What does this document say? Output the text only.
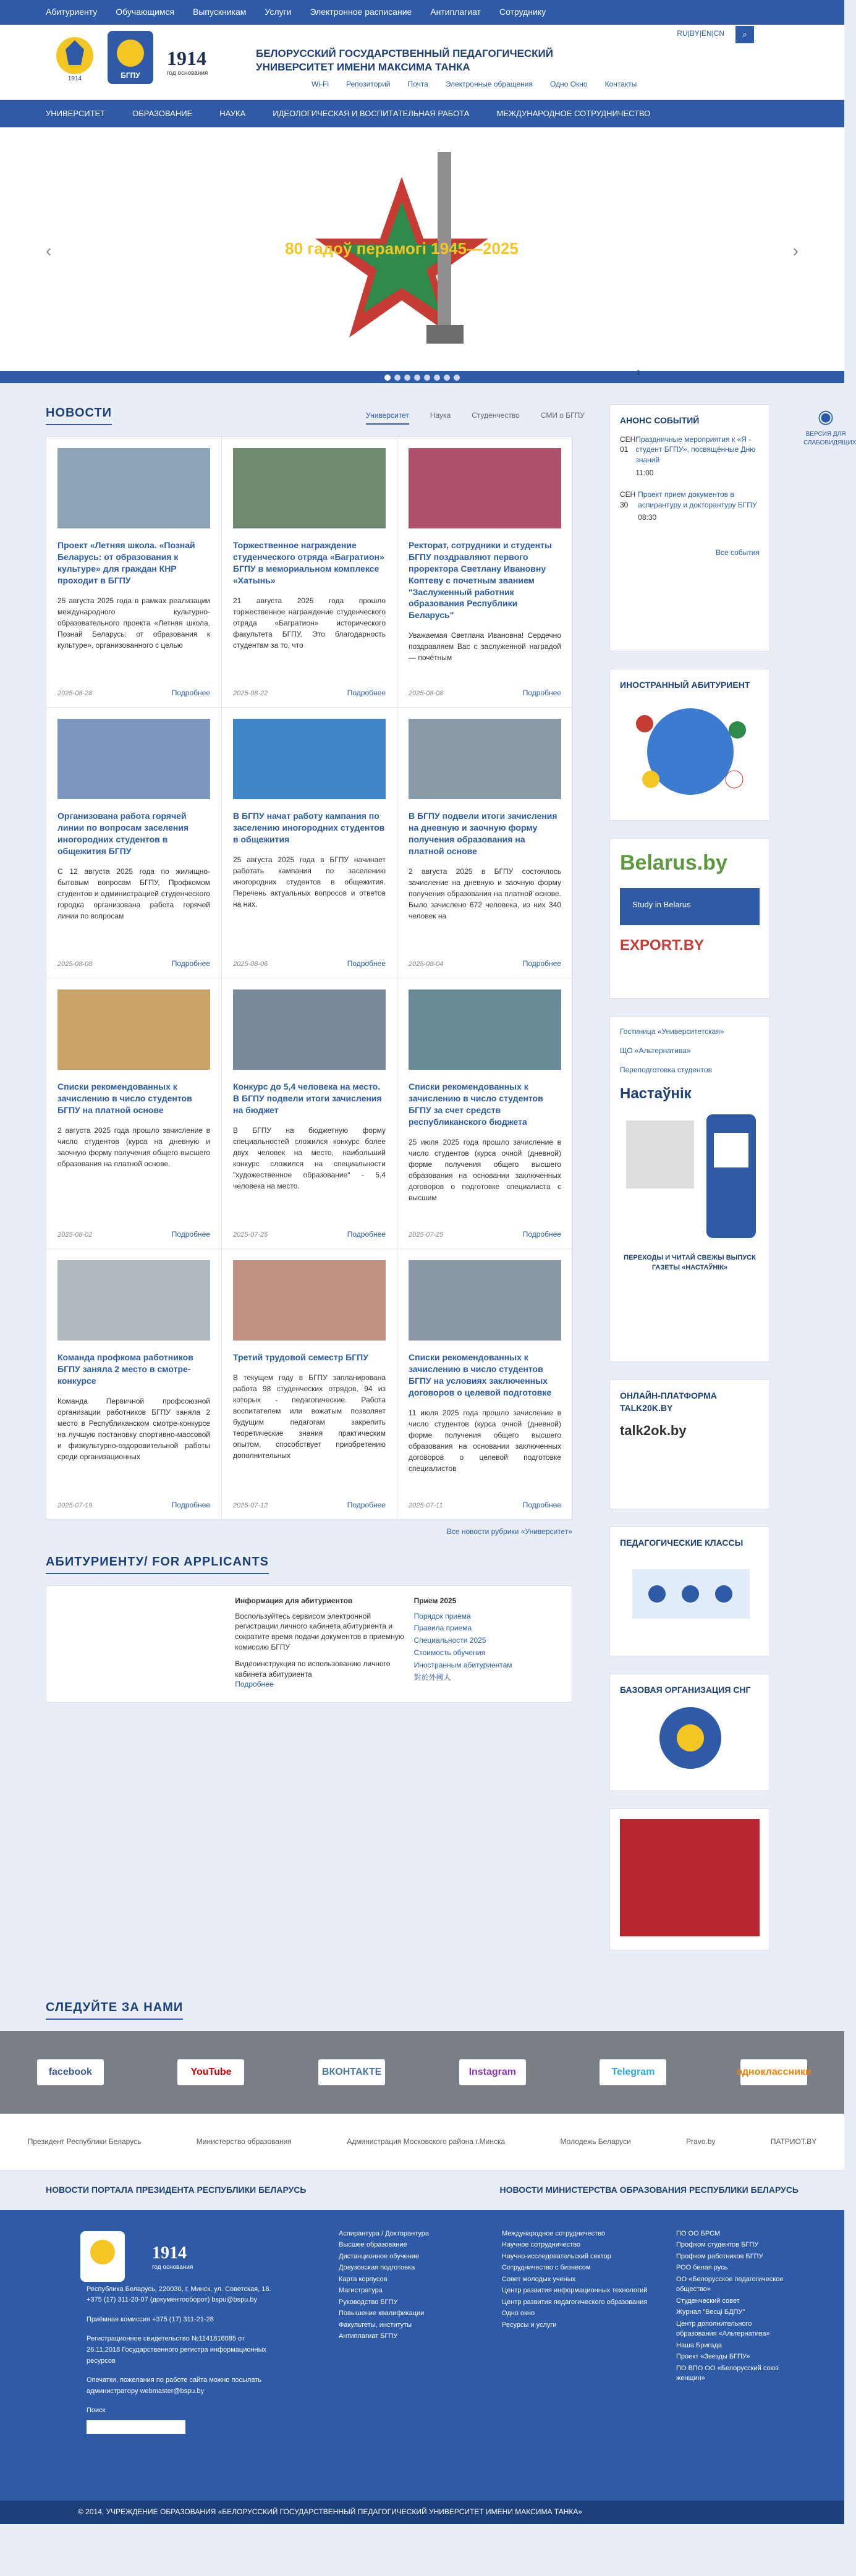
Абитуриенту Обучающимся Выпускникам Услуги Электронное расписание Антиплагиат Сотруднику
1914	БГПУ
1914
год основания
БЕЛОРУССКИЙ ГОСУДАРСТВЕННЫЙ ПЕДАГОГИЧЕСКИЙ УНИВЕРСИТЕТ ИМЕНИ МАКСИМА ТАНКА
RU|BY|EN|CN	⌕
Wi-Fi Репозиторий Почта Электронные обращения Одно Окно Контакты
УНИВЕРСИТЕТ	ОБРАЗОВАНИЕ	НАУКА	ИДЕОЛОГИЧЕСКАЯ И ВОСПИТАТЕЛЬНАЯ РАБОТА	МЕЖДУНАРОДНОЕ СОТРУДНИЧЕСТВО
‹	›
80 гадоў перамогі 1945—2025
1
НОВОСТИ	Университет	Наука	Студенчество	СМИ о БГПУ
Проект «Летняя школа. «Познай Беларусь: от образования к культуре» для граждан КНР проходит в БГПУ

25 августа 2025 года в рамках реализации международного культурно-образовательного проекта «Летняя школа. Познай Беларусь: от образования к культуре», организованного с целью

2025-08-28	Подробнее
Торжественное награждение студенческого отряда «Багратион» БГПУ в мемориальном комплексе «Хатынь»

21 августа 2025 года прошло торжественное награждение студенческого отряда «Багратион» исторического факультета БГПУ. Это благодарность студентам за то, что

2025-08-22	Подробнее
Ректорат, сотрудники и студенты БГПУ поздравляют первого проректора Светлану Ивановну Коптеву с почетным званием "Заслуженный работник образования Республики Беларусь"

Уважаемая Светлана Ивановна! Сердечно поздравляем Вас с заслуженной наградой — почётным

2025-08-08	Подробнее
Организована работа горячей линии по вопросам заселения иногородних студентов в общежития БГПУ

С 12 августа 2025 года по жилищно-бытовым вопросам БГПУ, Профкомом студентов и администрацией студенческого городка организована работа горячей линии по вопросам

2025-08-08	Подробнее
В БГПУ начат работу кампания по заселению иногородних студентов в общежития

25 августа 2025 года в БГПУ начинает работать кампания по заселению иногородних студентов в общежития. Перечень актуальных вопросов и ответов на них.

2025-08-06	Подробнее
В БГПУ подвели итоги зачисления на дневную и заочную форму получения образования на платной основе

2 августа 2025 в БГПУ состоялось зачисление на дневную и заочную форму получения образования на платной основе. Было зачислено 672 человека, из них 340 человек на

2025-08-04	Подробнее
Списки рекомендованных к зачислению в число студентов БГПУ на платной основе

2 августа 2025 года прошло зачисление в число студентов (курса на дневную и заочную форму получения общего высшего образования на платной основе.

2025-08-02	Подробнее
Конкурс до 5,4 человека на место. В БГПУ подвели итоги зачисления на бюджет

В БГПУ на бюджетную форму специальностей сложился конкурс более двух человек на место, наибольший конкурс сложился на специальности "художественное образование" - 5,4 человека на место.

2025-07-25	Подробнее
Списки рекомендованных к зачислению в число студентов БГПУ за счет средств республиканского бюджета

25 июля 2025 года прошло зачисление в число студентов (курса очной (дневной) форме получения общего высшего образования на основании заключенных договоров о подготовке специалиста с высшим

2025-07-25	Подробнее
Команда профкома работников БГПУ заняла 2 место в смотре-конкурсе

Команда Первичной профсоюзной организации работников БГПУ заняла 2 место в Республиканском смотре-конкурсе на лучшую постановку спортивно-массовой и физкультурно-оздоровительной работы среди организационных

2025-07-19	Подробнее
Третий трудовой семестр БГПУ

В текущем году в БГПУ запланирована работа 98 студенческих отрядов, 94 из которых - педагогические. Работа воспитателем или вожатым позволяет будущим педагогам закрепить теоретические знания практическим опытом, способствует приобретению дополнительных

2025-07-12	Подробнее
Списки рекомендованных к зачислению в число студентов БГПУ на условиях заключенных договоров о целевой подготовке

11 июля 2025 года прошло зачисление в число студентов (курса очной (дневной) форме получения общего высшего образования на основании заключенных договоров о целевой подготовке специалистов

2025-07-11	Подробнее
Все новости рубрики «Университет»
АБИТУРИЕНТУ/ FOR APPLICANTS
Информация для абитуриентов

Воспользуйтесь сервисом электронной регистрации личного кабинета абитуриента и сократите время подачи документов в приемную комиссию БГПУ

Видеоинструкция по использованию личного кабинета абитуриента

Подробнее
Прием 2025
Порядок приема
Правила приема
Специальности 2025
Стоимость обучения
Иностранным абитуриентам
對於外國人
АНОНС СОБЫТИЙ
СЕН 01
Праздничные мероприятия к «Я - студент БГПУ», посвящённые Дню знаний
11:00
СЕН 30
Проект прием документов в аспирантуру и докторантуру БГПУ
08:30
Все события
ИНОСТРАННЫЙ АБИТУРИЕНТ
Belarus.by
Study in Belarus
EXPORT.BY
Гостиница «Университетская»
ЩО «Альтернатива»
Переподготовка студентов
Настаўнік
ПЕРЕХОДЫ И ЧИТАЙ СВЕЖЫ ВЫПУСК ГАЗЕТЫ «НАСТАЎНІК»
ОНЛАЙН-ПЛАТФОРМА TALK20K.BY
talk2ok.by
ПЕДАГОГИЧЕСКИЕ КЛАССЫ
БАЗОВАЯ ОРГАНИЗАЦИЯ СНГ
◉
ВЕРСИЯ ДЛЯ СЛАБОВИДЯЩИХ
СЛЕДУЙТЕ ЗА НАМИ
facebook	YouTube	ВКОНТАКТЕ	Instagram	Telegram	одноклассники
Президент Республики Беларусь	Министерство образования	Администрация Московского района г.Минска	Молодежь Беларуси	Pravo.by	ПАТРИОТ.BY
НОВОСТИ ПОРТАЛА ПРЕЗИДЕНТА РЕСПУБЛИКИ БЕЛАРУСЬ	НОВОСТИ МИНИСТЕРСТВА ОБРАЗОВАНИЯ РЕСПУБЛИКИ БЕЛАРУСЬ
1914
год основания
Республика Беларусь, 220030, г. Минск, ул. Советская, 18. +375 (17) 311-20-07 (документооборот) bspu@bspu.by
Приёмная комиссия +375 (17) 311-21-28
Регистрационное свидетельство №1141816085 от 26.11.2018 Государственного регистра информационных ресурсов
Опечатки, пожелания по работе сайта можно посылать администратору webmaster@bspu.by
Поиск
Аспирантура / Докторантура
Высшее образование
Дистанционное обучение
Довузовская подготовка
Карта корпусов
Магистратура
Руководство БГПУ
Повышение квалификации
Факультеты, институты
Антиплагиат БГПУ
Международное сотрудничество
Научное сотрудничество
Научно-исследовательский сектор
Сотрудничество с бизнесом
Совет молодых ученых
Центр развития информационных технологий
Центр развития педагогического образования
Одно окно
Ресурсы и услуги
ПО ОО БРСМ
Профком студентов БГПУ
Профком работников БГПУ
РОО белая русь
ОО «Белорусское педагогическое общество»
Студенческий совет
Журнал "Весці БДПУ"
Центр дополнительного образования «Альтернатива»
Наша Бригада
Проект «Звезды БГПУ»
ПО ВПО ОО «Белорусский союз женщин»
© 2014, УЧРЕЖДЕНИЕ ОБРАЗОВАНИЯ «БЕЛОРУССКИЙ ГОСУДАРСТВЕННЫЙ ПЕДАГОГИЧЕСКИЙ УНИВЕРСИТЕТ ИМЕНИ МАКСИМА ТАНКА»
